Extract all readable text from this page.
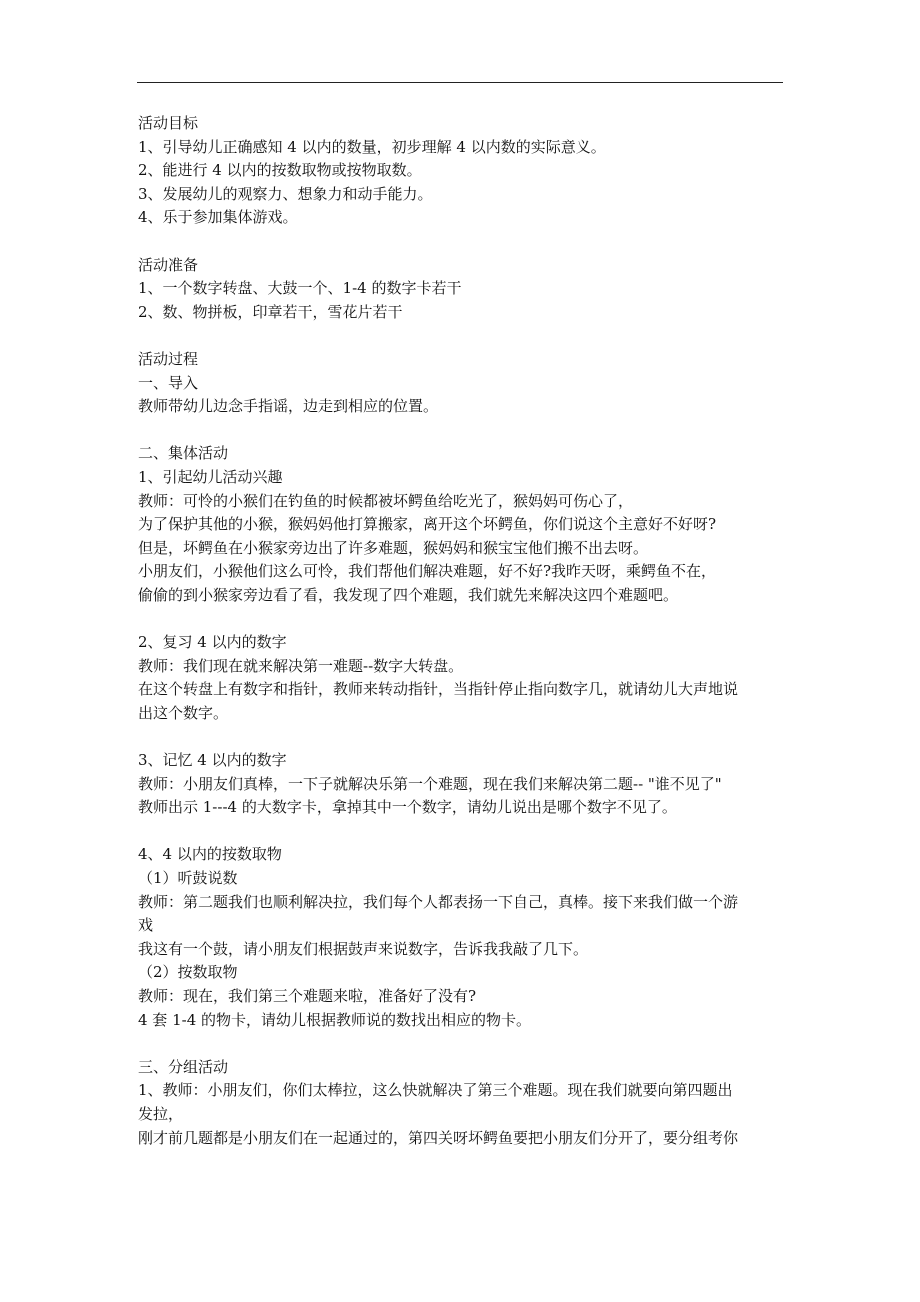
活动目标
1、引导幼儿正确感知 4 以内的数量，初步理解 4 以内数的实际意义。
2、能进行 4 以内的按数取物或按物取数。
3、发展幼儿的观察力、想象力和动手能力。
4、乐于参加集体游戏。
活动准备
1、一个数字转盘、大鼓一个、1-4 的数字卡若干
2、数、物拼板，印章若干，雪花片若干
活动过程
一、导入
教师带幼儿边念手指谣，边走到相应的位置。
二、集体活动
1、引起幼儿活动兴趣
教师：可怜的小猴们在钓鱼的时候都被坏鳄鱼给吃光了，猴妈妈可伤心了，
为了保护其他的小猴，猴妈妈他打算搬家，离开这个坏鳄鱼，你们说这个主意好不好呀?
但是，坏鳄鱼在小猴家旁边出了许多难题，猴妈妈和猴宝宝他们搬不出去呀。
小朋友们，小猴他们这么可怜，我们帮他们解决难题，好不好?我昨天呀，乘鳄鱼不在，
偷偷的到小猴家旁边看了看，我发现了四个难题，我们就先来解决这四个难题吧。
2、复习 4 以内的数字
教师：我们现在就来解决第一难题--数字大转盘。
在这个转盘上有数字和指针，教师来转动指针，当指针停止指向数字几，就请幼儿大声地说
出这个数字。
3、记忆 4 以内的数字
教师：小朋友们真棒，一下子就解决乐第一个难题，现在我们来解决第二题-- "谁不见了"
教师出示 1---4 的大数字卡，拿掉其中一个数字，请幼儿说出是哪个数字不见了。
4、4 以内的按数取物
（1）听鼓说数
教师：第二题我们也顺利解决拉，我们每个人都表扬一下自己，真棒。接下来我们做一个游
戏
我这有一个鼓，请小朋友们根据鼓声来说数字，告诉我我敲了几下。
（2）按数取物
教师：现在，我们第三个难题来啦，准备好了没有?
4 套 1-4 的物卡，请幼儿根据教师说的数找出相应的物卡。
三、分组活动
1、教师：小朋友们，你们太棒拉，这么快就解决了第三个难题。现在我们就要向第四题出
发拉，
刚才前几题都是小朋友们在一起通过的，第四关呀坏鳄鱼要把小朋友们分开了，要分组考你
